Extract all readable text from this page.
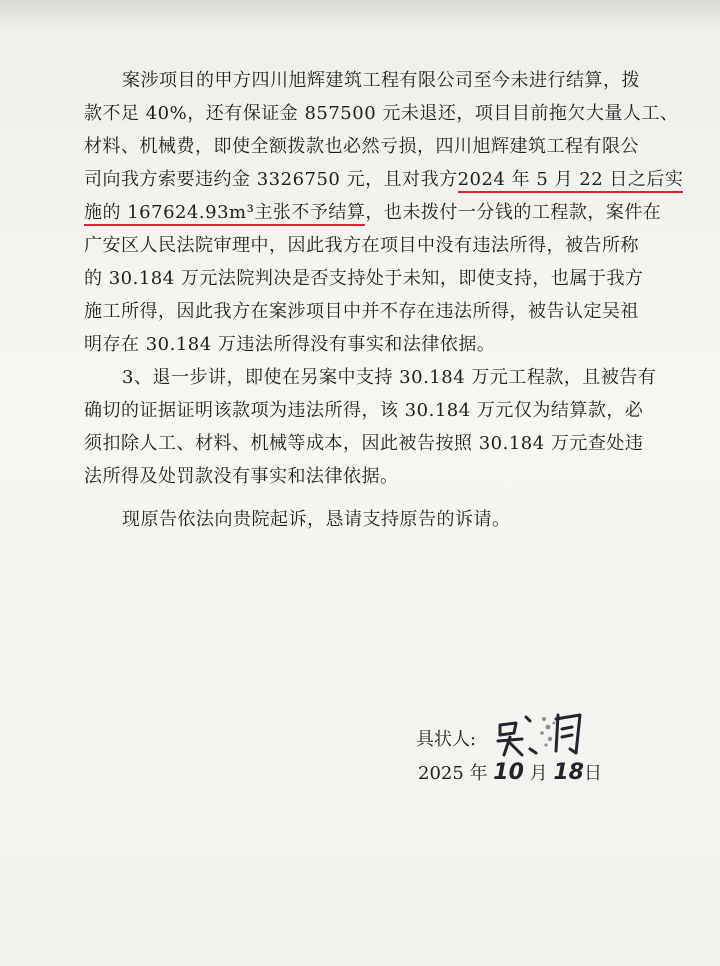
案涉项目的甲方四川旭辉建筑工程有限公司至今未进行结算，拨
款不足 40%，还有保证金 857500 元未退还，项目目前拖欠大量人工、
材料、机械费，即使全额拨款也必然亏损，四川旭辉建筑工程有限公
司向我方索要违约金 3326750 元，且对我方2024 年 5 月 22 日之后实
施的 167624.93m³主张不予结算，也未拨付一分钱的工程款，案件在
广安区人民法院审理中，因此我方在项目中没有违法所得，被告所称
的 30.184 万元法院判决是否支持处于未知，即使支持，也属于我方
施工所得，因此我方在案涉项目中并不存在违法所得，被告认定吴祖
明存在 30.184 万违法所得没有事实和法律依据。
3、退一步讲，即使在另案中支持 30.184 万元工程款，且被告有
确切的证据证明该款项为违法所得，该 30.184 万元仅为结算款，必
须扣除人工、材料、机械等成本，因此被告按照 30.184 万元查处违
法所得及处罚款没有事实和法律依据。
现原告依法向贵院起诉，恳请支持原告的诉请。
具状人:
2025 年 10 月 18日
